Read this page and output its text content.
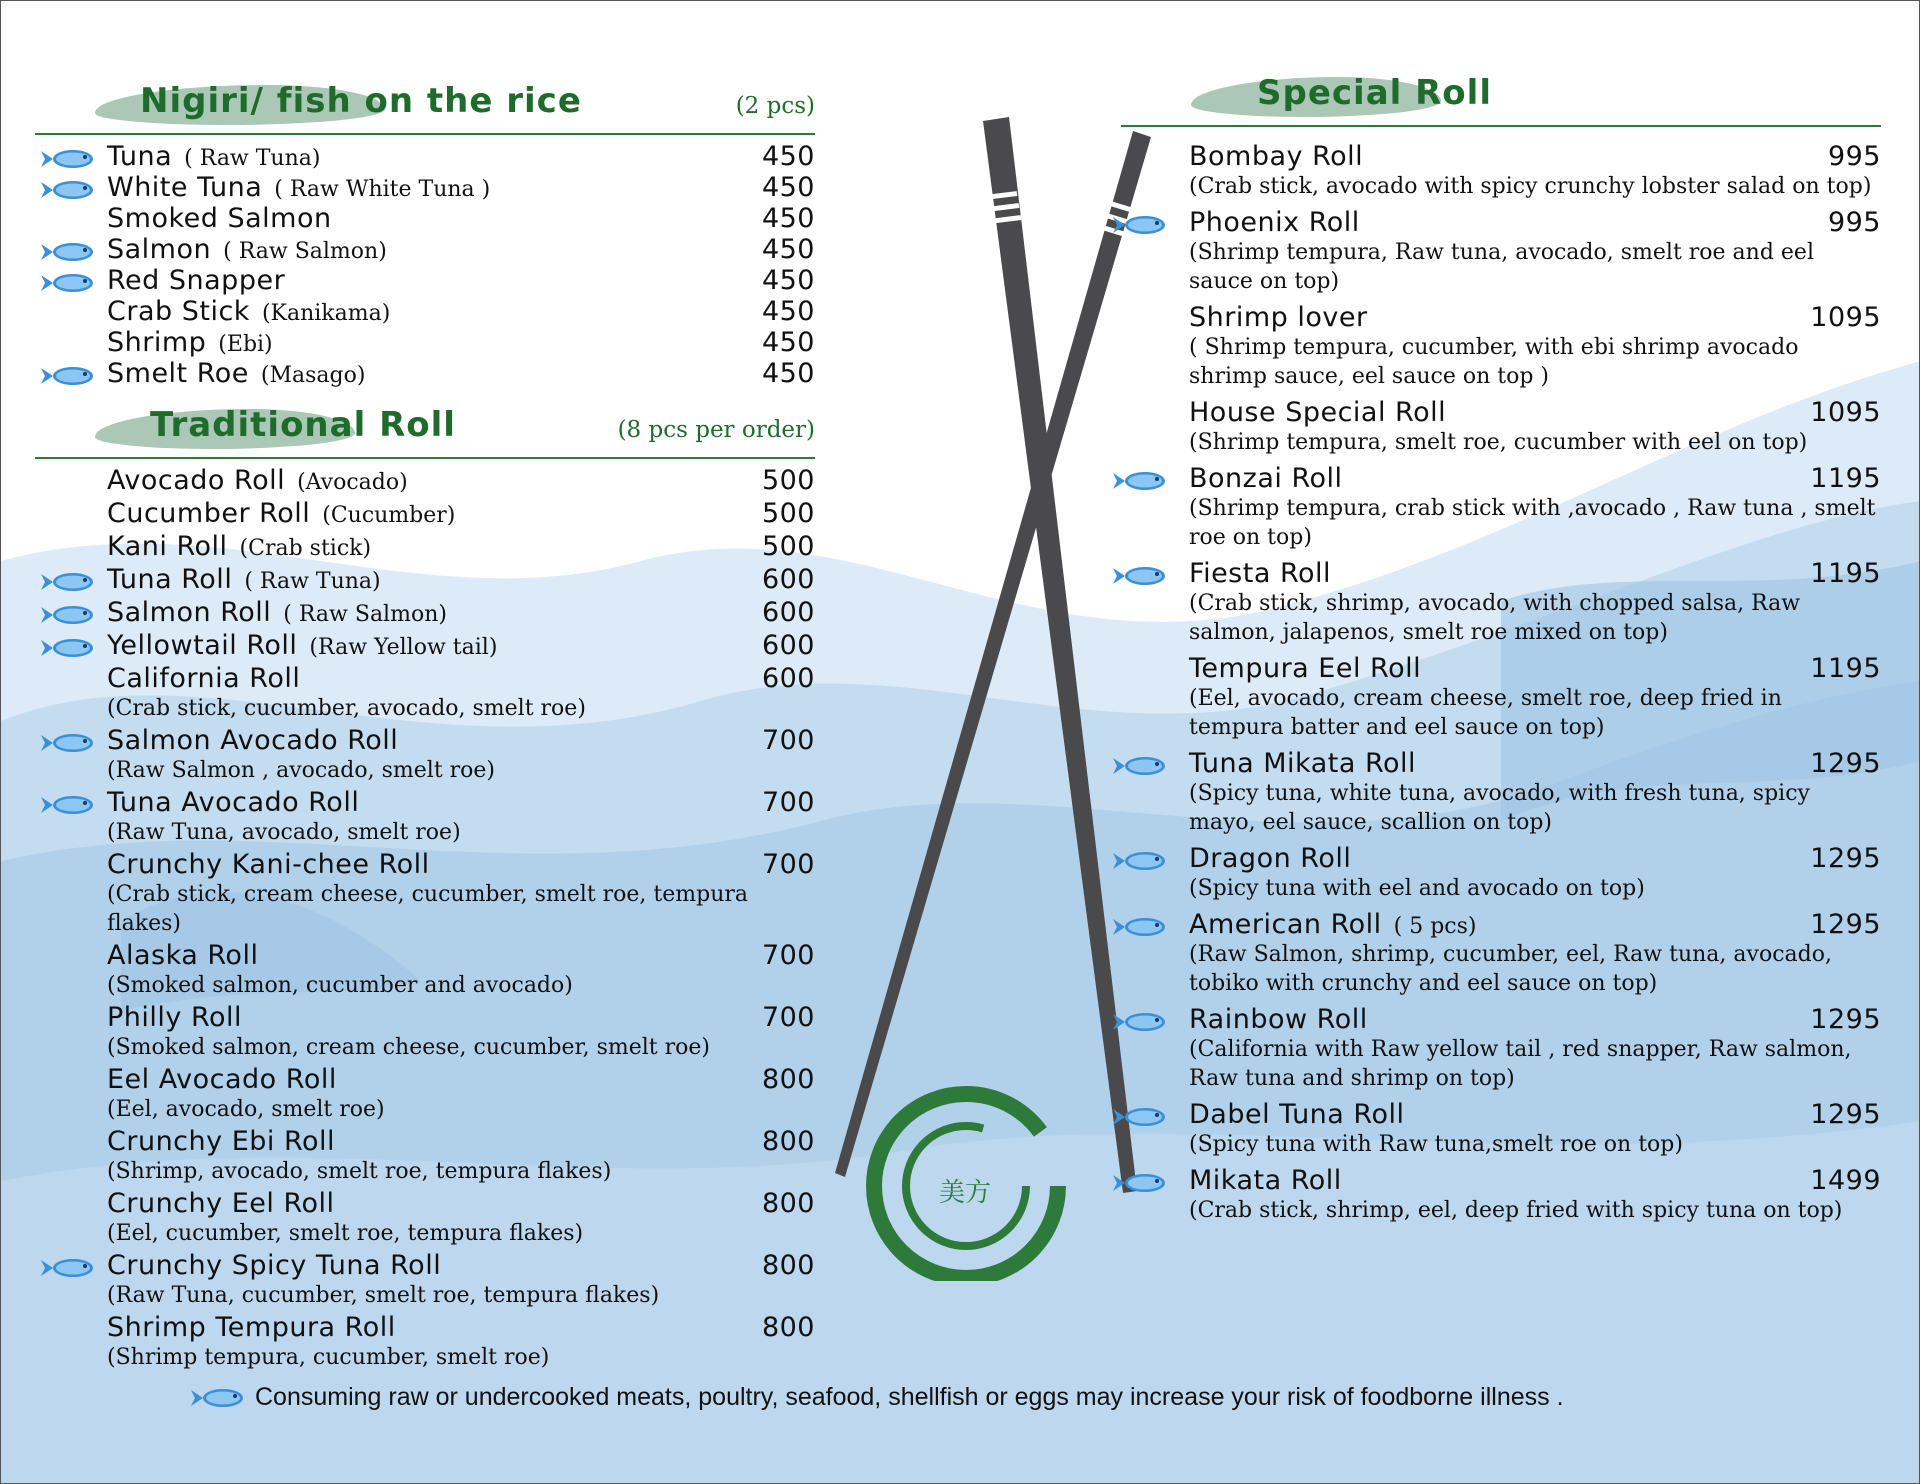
美方
Nigiri/ fish on the rice	(2 pcs)
Tuna ( Raw Tuna)	450
White Tuna ( Raw White Tuna )	450
Smoked Salmon	450
Salmon ( Raw Salmon)	450
Red Snapper	450
Crab Stick (Kanikama)	450
Shrimp (Ebi)	450
Smelt Roe (Masago)	450
Traditional Roll	(8 pcs per order)
Avocado Roll (Avocado)	500
Cucumber Roll (Cucumber)	500
Kani Roll (Crab stick)	500
Tuna Roll ( Raw Tuna)	600
Salmon Roll ( Raw Salmon)	600
Yellowtail Roll (Raw Yellow tail)	600
California Roll	600
(Crab stick, cucumber, avocado, smelt roe)
Salmon Avocado Roll	700
(Raw Salmon , avocado, smelt roe)
Tuna Avocado Roll	700
(Raw Tuna, avocado, smelt roe)
Crunchy Kani-chee Roll	700
(Crab stick, cream cheese, cucumber, smelt roe, tempura flakes)
Alaska Roll	700
(Smoked salmon, cucumber and avocado)
Philly Roll	700
(Smoked salmon, cream cheese, cucumber, smelt roe)
Eel Avocado Roll	800
(Eel, avocado, smelt roe)
Crunchy Ebi Roll	800
(Shrimp, avocado, smelt roe, tempura flakes)
Crunchy Eel Roll	800
(Eel, cucumber, smelt roe, tempura flakes)
Crunchy Spicy Tuna Roll	800
(Raw Tuna, cucumber, smelt roe, tempura flakes)
Shrimp Tempura Roll	800
(Shrimp tempura, cucumber, smelt roe)
Special Roll
Bombay Roll	995
(Crab stick, avocado with spicy crunchy lobster salad on top)
Phoenix Roll	995
(Shrimp tempura, Raw tuna, avocado, smelt roe and eel sauce on top)
Shrimp lover	1095
( Shrimp tempura, cucumber, with ebi shrimp avocado shrimp sauce, eel sauce on top )
House Special Roll	1095
(Shrimp tempura, smelt roe, cucumber with eel on top)
Bonzai Roll	1195
(Shrimp tempura, crab stick with ,avocado , Raw tuna , smelt roe on top)
Fiesta Roll	1195
(Crab stick, shrimp, avocado, with chopped salsa, Raw salmon, jalapenos, smelt roe mixed on top)
Tempura Eel Roll	1195
(Eel, avocado, cream cheese, smelt roe, deep fried in tempura batter and eel sauce on top)
Tuna Mikata Roll	1295
(Spicy tuna, white tuna, avocado, with fresh tuna, spicy mayo, eel sauce, scallion on top)
Dragon Roll	1295
(Spicy tuna with eel and avocado on top)
American Roll ( 5 pcs)	1295
(Raw Salmon, shrimp, cucumber, eel, Raw tuna, avocado, tobiko with crunchy and eel sauce on top)
Rainbow Roll	1295
(California with Raw yellow tail , red snapper, Raw salmon, Raw tuna and shrimp on top)
Dabel Tuna Roll	1295
(Spicy tuna with Raw tuna,smelt roe on top)
Mikata Roll	1499
(Crab stick, shrimp, eel, deep fried with spicy tuna on top)
Consuming raw or undercooked meats, poultry, seafood, shellfish or eggs may increase your risk of foodborne illness .
